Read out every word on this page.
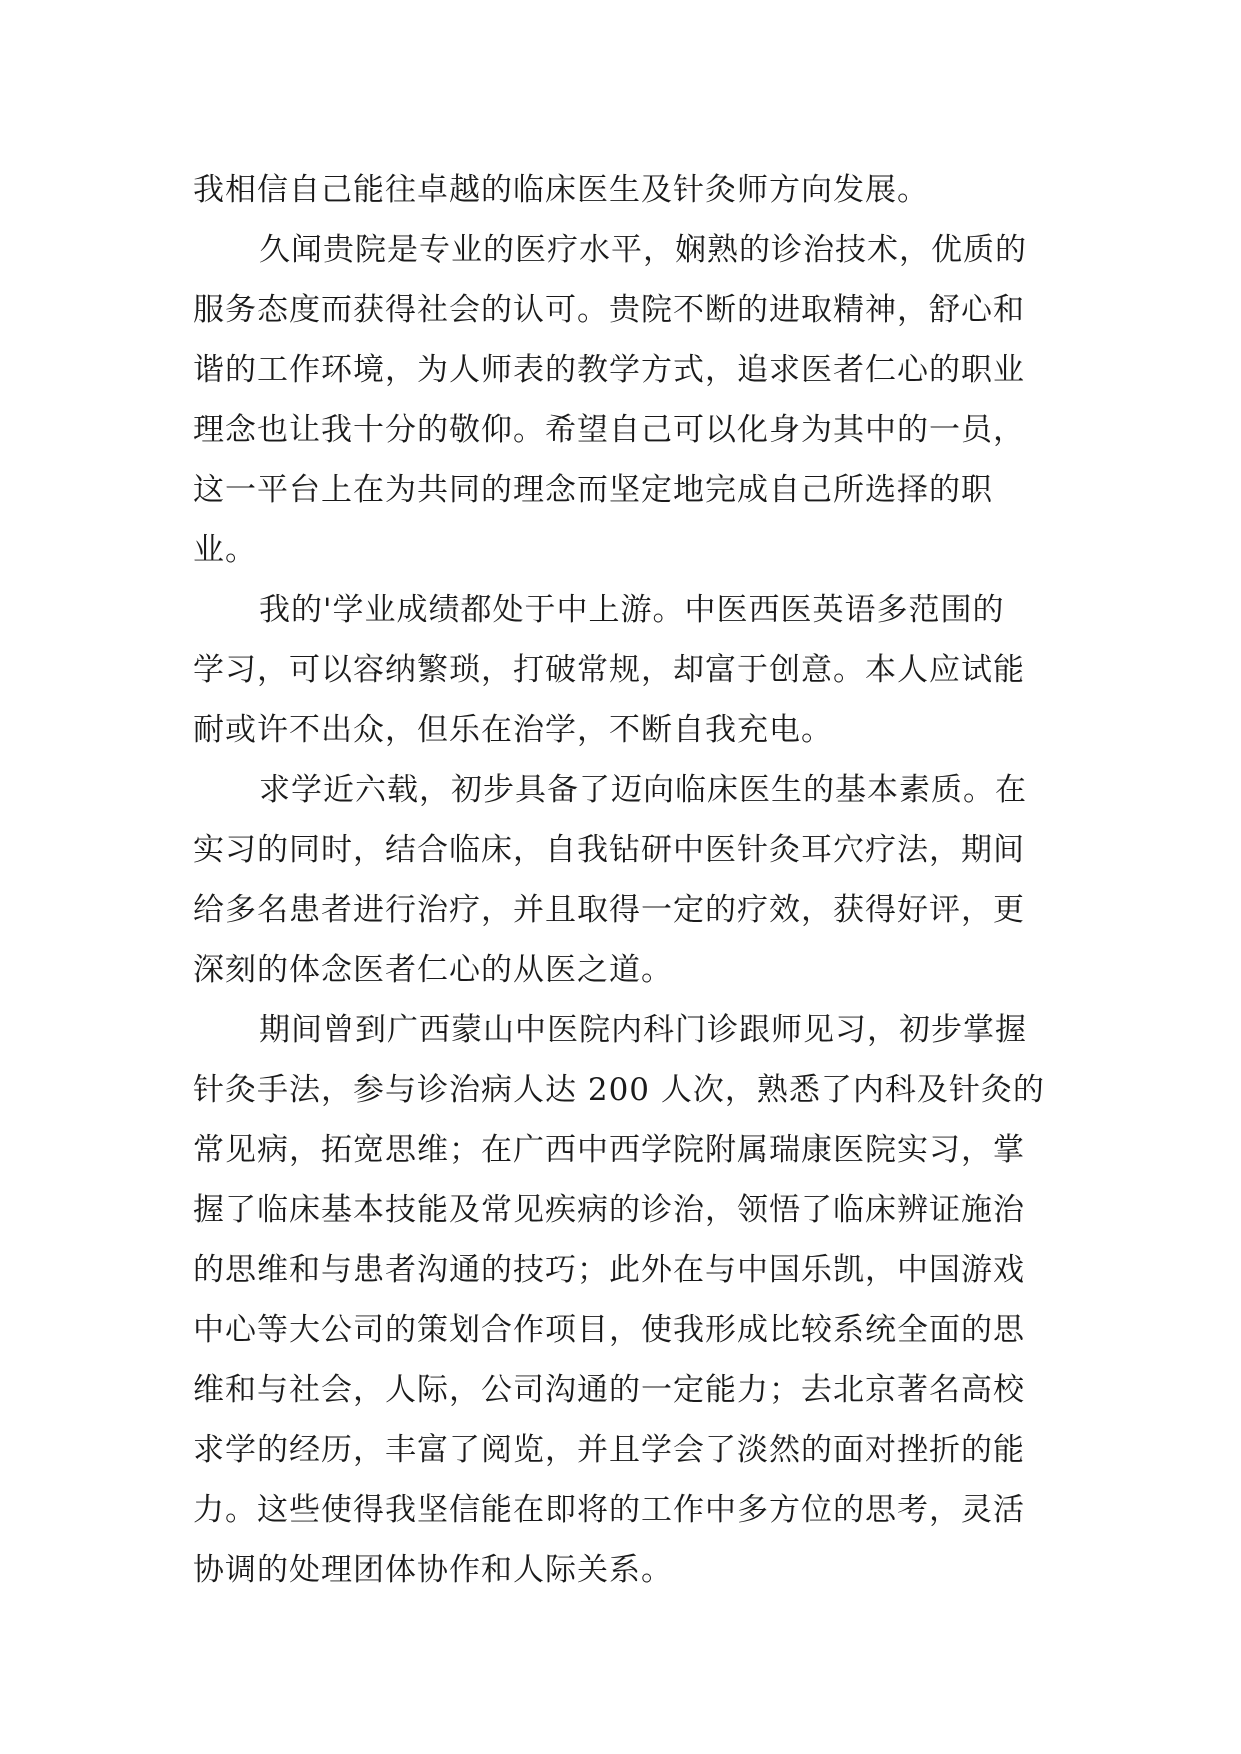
我相信自己能往卓越的临床医生及针灸师方向发展。
久闻贵院是专业的医疗水平，娴熟的诊治技术，优质的
服务态度而获得社会的认可。贵院不断的进取精神，舒心和
谐的工作环境，为人师表的教学方式，追求医者仁心的职业
理念也让我十分的敬仰。希望自己可以化身为其中的一员，
这一平台上在为共同的理念而坚定地完成自己所选择的职
业。
我的'学业成绩都处于中上游。中医西医英语多范围的
学习，可以容纳繁琐，打破常规，却富于创意。本人应试能
耐或许不出众，但乐在治学，不断自我充电。
求学近六载，初步具备了迈向临床医生的基本素质。在
实习的同时，结合临床，自我钻研中医针灸耳穴疗法，期间
给多名患者进行治疗，并且取得一定的疗效，获得好评，更
深刻的体念医者仁心的从医之道。
期间曾到广西蒙山中医院内科门诊跟师见习，初步掌握
针灸手法，参与诊治病人达 200 人次，熟悉了内科及针灸的
常见病，拓宽思维；在广西中西学院附属瑞康医院实习，掌
握了临床基本技能及常见疾病的诊治，领悟了临床辨证施治
的思维和与患者沟通的技巧；此外在与中国乐凯，中国游戏
中心等大公司的策划合作项目，使我形成比较系统全面的思
维和与社会，人际，公司沟通的一定能力；去北京著名高校
求学的经历，丰富了阅览，并且学会了淡然的面对挫折的能
力。这些使得我坚信能在即将的工作中多方位的思考，灵活
协调的处理团体协作和人际关系。
